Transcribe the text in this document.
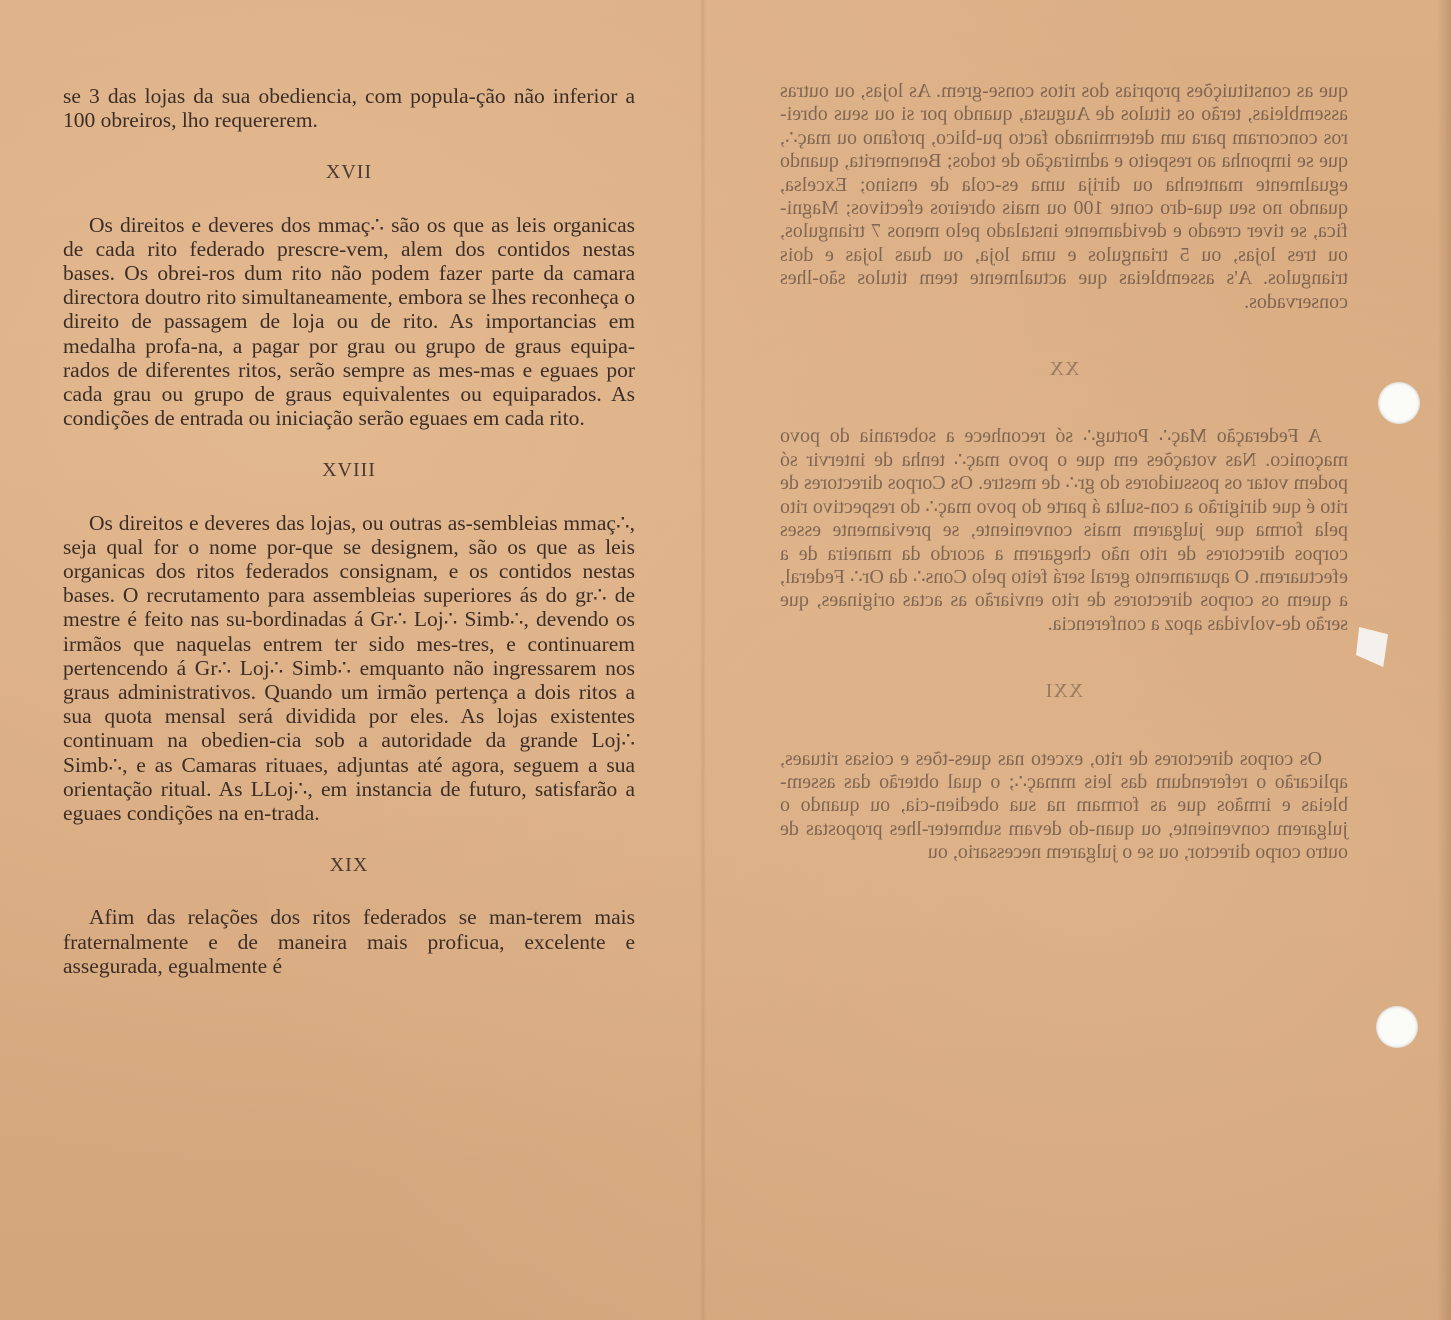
se 3 das lojas da sua obediencia, com popula-ção não inferior a 100 obreiros, lho requererem.

XVII

Os direitos e deveres dos mmaç∴ são os que as leis organicas de cada rito federado prescre-vem, alem dos contidos nestas bases. Os obrei-ros dum rito não podem fazer parte da camara directora doutro rito simultaneamente, embora se lhes reconheça o direito de passagem de loja ou de rito. As importancias em medalha profa-na, a pagar por grau ou grupo de graus equipa-rados de diferentes ritos, serão sempre as mes-mas e eguaes por cada grau ou grupo de graus equivalentes ou equiparados. As condições de entrada ou iniciação serão eguaes em cada rito.

XVIII

Os direitos e deveres das lojas, ou outras as-sembleias mmaç∴, seja qual for o nome por-que se designem, são os que as leis organicas dos ritos federados consignam, e os contidos nestas bases. O recrutamento para assembleias superiores ás do gr∴ de mestre é feito nas su-bordinadas á Gr∴ Loj∴ Simb∴, devendo os irmãos que naquelas entrem ter sido mes-tres, e continuarem pertencendo á Gr∴ Loj∴ Simb∴ emquanto não ingressarem nos graus administrativos. Quando um irmão pertença a dois ritos a sua quota mensal será dividida por eles. As lojas existentes continuam na obedien-cia sob a autoridade da grande Loj∴ Simb∴, e as Camaras rituaes, adjuntas até agora, seguem a sua orientação ritual. As LLoj∴, em instancia de futuro, satisfarão a eguaes condições na en-trada.

XIX

Afim das relações dos ritos federados se man-terem mais fraternalmente e de maneira mais proficua, excelente e assegurada, egualmente é

que as constituições proprias dos ritos conse-grem. As lojas, ou outras assembleias, terão os titulos de Augusta, quando por si ou seus obrei-ros concorram para um determinado facto pu-blico, profano ou maç∴, que se imponha ao respeito e admiração de todos; Benemerita, quando egualmente mantenha ou dirija uma es-cola de ensino; Excelsa, quando no seu qua-dro conte 100 ou mais obreiros efectivos; Magni-fica, se tiver creado e devidamente instalado pelo menos 7 triangulos, ou tres lojas, ou 5 triangulos e uma loja, ou duas lojas e dois triangulos. A's assembleias que actualmente teem titulos são-lhes conservados.

XX

A Federação Maç∴ Portug∴ só reconhece a soberania do povo maçonico. Nas votações em que o povo maç∴ tenha de intervir só podem votar os possuidores do gr∴ de mestre. Os Corpos directores de rito é que dirigirão a con-sulta á parte do povo maç∴ do respectivo rito pela forma que julgarem mais conveniente, se previamente esses corpos directores de rito não chegarem a acordo da maneira de a efectuarem. O apuramento geral será feito pelo Cons∴ da Or∴ Federal, a quem os corpos directores de rito enviarão as actas originaes, que serão de-volvidas apoz a conferencia.

XXI

Os corpos directores de rito, exceto nas ques-tões e coisas rituaes, aplicarão o referendum das leis mmaç∴; o qual obterão das assem-bleias e irmãos que as formam na sua obedien-cia, ou quando o julgarem conveniente, ou quan-do devam submeter-lhes propostas de outro corpo director, ou se o julgarem necessario, ou
